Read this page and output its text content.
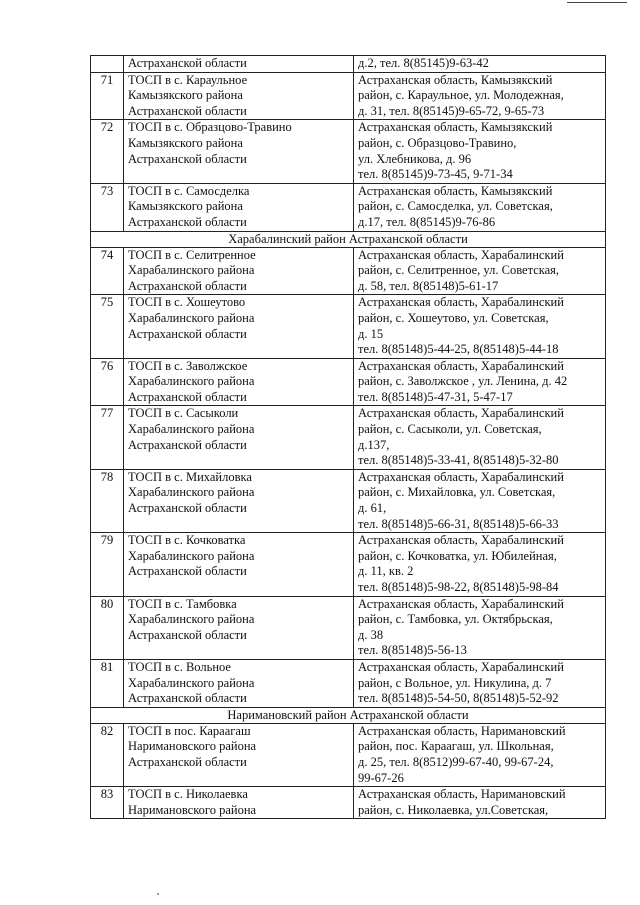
	Астраханской области	д.2, тел. 8(85145)9-63-42

71	ТОСП в с. Караульное
Камызякского района
Астраханской области	Астраханская область, Камызякский
район, с. Караульное, ул. Молодежная,
д. 31, тел. 8(85145)9-65-72, 9-65-73

72	ТОСП в с. Образцово-Травино
Камызякского района
Астраханской области	Астраханская область, Камызякский
район, с. Образцово-Травино,
ул. Хлебникова, д. 96
тел. 8(85145)9-73-45, 9-71-34

73	ТОСП в с. Самосделка
Камызякского района
Астраханской области	Астраханская область, Камызякский
район, с. Самосделка, ул. Советская,
д.17, тел. 8(85145)9-76-86

Харабалинский район Астраханской области		
74	ТОСП в с. Селитренное
Харабалинского района
Астраханской области	Астраханская область, Харабалинский
район, с. Селитренное, ул. Советская,
д. 58, тел. 8(85148)5-61-17

75	ТОСП в с. Хошеутово
Харабалинского района
Астраханской области	Астраханская область, Харабалинский
район, с. Хошеутово, ул. Советская,
д. 15
тел. 8(85148)5-44-25, 8(85148)5-44-18

76	ТОСП в с. Заволжское
Харабалинского района
Астраханской области	Астраханская область, Харабалинский
район, с. Заволжское , ул. Ленина, д. 42
тел. 8(85148)5-47-31, 5-47-17

77	ТОСП в с. Сасыколи
Харабалинского района
Астраханской области	Астраханская область, Харабалинский
район, с. Сасыколи, ул. Советская,
д.137,
тел. 8(85148)5-33-41, 8(85148)5-32-80

78	ТОСП в с. Михайловка
Харабалинского района
Астраханской области	Астраханская область, Харабалинский
район, с. Михайловка, ул. Советская,
д. 61,
тел. 8(85148)5-66-31, 8(85148)5-66-33

79	ТОСП в с. Кочковатка
Харабалинского района
Астраханской области	Астраханская область, Харабалинский
район, с. Кочковатка, ул. Юбилейная,
д. 11, кв. 2
тел. 8(85148)5-98-22, 8(85148)5-98-84

80	ТОСП в с. Тамбовка
Харабалинского района
Астраханской области	Астраханская область, Харабалинский
район, с. Тамбовка, ул. Октябрьская,
д. 38
тел. 8(85148)5-56-13

81	ТОСП в с. Вольное
Харабалинского района
Астраханской области	Астраханская область, Харабалинский
район, с Вольное, ул. Никулина, д. 7
тел. 8(85148)5-54-50, 8(85148)5-52-92

Наримановский район Астраханской области		
82	ТОСП в пос. Караагаш
Наримановского района
Астраханской области	Астраханская область, Наримановский
район, пос. Караагаш, ул. Школьная,
д. 25, тел. 8(8512)99-67-40, 99-67-24,
99-67-26

83	ТОСП в с. Николаевка
Наримановского района	Астраханская область, Наримановский
район, с. Николаевка, ул.Советская,
